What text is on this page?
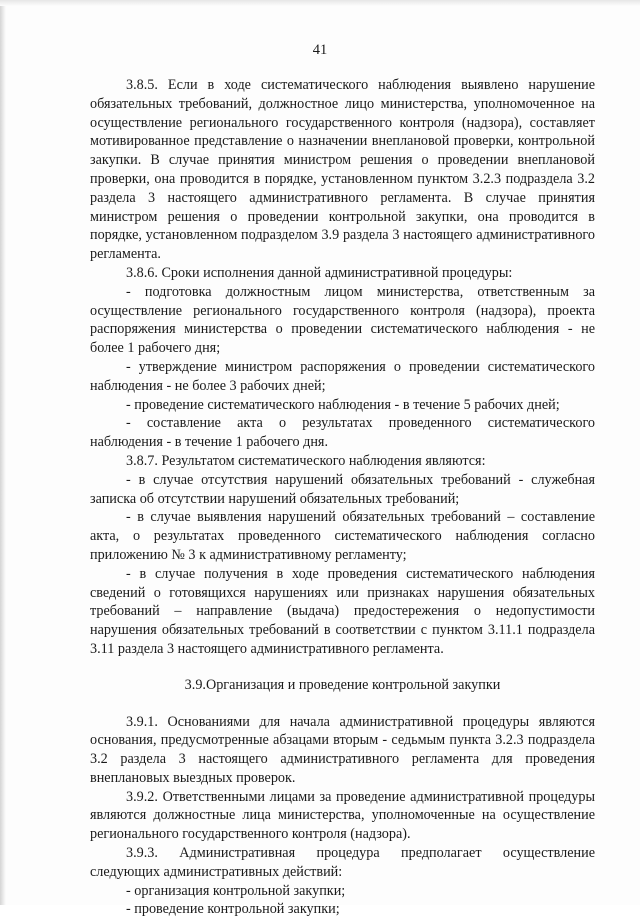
41

3.8.5. Если в ходе систематического наблюдения выявлено нарушение обязательных требований, должностное лицо министерства, уполномоченное на осуществление регионального государственного контроля (надзора), составляет мотивированное представление о назначении внеплановой проверки, контрольной закупки. В случае принятия министром решения о проведении внеплановой проверки, она проводится в порядке, установленном пунктом 3.2.3 подраздела 3.2 раздела 3 настоящего административного регламента. В случае принятия министром решения о проведении контрольной закупки, она проводится в порядке, установленном подразделом 3.9 раздела 3 настоящего административного регламента.

3.8.6. Сроки исполнения данной административной процедуры:

- подготовка должностным лицом министерства, ответственным за осуществление регионального государственного контроля (надзора), проекта распоряжения министерства о проведении систематического наблюдения - не более 1 рабочего дня;

- утверждение министром распоряжения о проведении систематического наблюдения - не более 3 рабочих дней;

- проведение систематического наблюдения - в течение 5 рабочих дней;

- составление акта о результатах проведенного систематического наблюдения - в течение 1 рабочего дня.

3.8.7. Результатом систематического наблюдения являются:

- в случае отсутствия нарушений обязательных требований - служебная записка об отсутствии нарушений обязательных требований;

- в случае выявления нарушений обязательных требований – составление акта, о результатах проведенного систематического наблюдения согласно приложению № 3 к административному регламенту;

- в случае получения в ходе проведения систематического наблюдения сведений о готовящихся нарушениях или признаках нарушения обязательных требований – направление (выдача) предостережения о недопустимости нарушения обязательных требований в соответствии с пунктом 3.11.1 подраздела 3.11 раздела 3 настоящего административного регламента.

3.9.Организация и проведение контрольной закупки

3.9.1. Основаниями для начала административной процедуры являются основания, предусмотренные абзацами вторым - седьмым пункта 3.2.3 подраздела 3.2 раздела 3 настоящего административного регламента для проведения внеплановых выездных проверок.

3.9.2. Ответственными лицами за проведение административной процедуры являются должностные лица министерства, уполномоченные на осуществление регионального государственного контроля (надзора).

3.9.3. Административная процедура предполагает осуществление следующих административных действий:

- организация контрольной закупки;

- проведение контрольной закупки;
